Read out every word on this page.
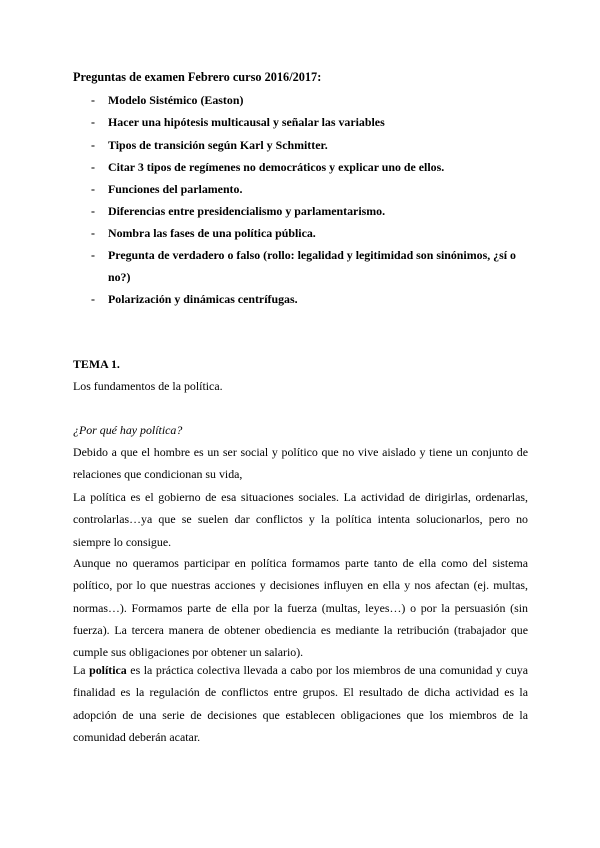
Preguntas de examen Febrero curso 2016/2017:
- Modelo Sistémico (Easton)
- Hacer una hipótesis multicausal y señalar las variables
- Tipos de transición según Karl y Schmitter.
- Citar 3 tipos de regímenes no democráticos y explicar uno de ellos.
- Funciones del parlamento.
- Diferencias entre presidencialismo y parlamentarismo.
- Nombra las fases de una política pública.
- Pregunta de verdadero o falso (rollo: legalidad y legitimidad son sinónimos, ¿sí o
no?)
- Polarización y dinámicas centrífugas.
TEMA 1.
Los fundamentos de la política.
¿Por qué hay política?
Debido a que el hombre es un ser social y político que no vive aislado y tiene un conjunto de relaciones que condicionan su vida,
La política es el gobierno de esa situaciones sociales. La actividad de dirigirlas, ordenarlas, controlarlas…ya que se suelen dar conflictos y la política intenta solucionarlos, pero no siempre lo consigue.
Aunque no queramos participar en política formamos parte tanto de ella como del sistema político, por lo que nuestras acciones y decisiones influyen en ella y nos afectan (ej. multas, normas…). Formamos parte de ella por la fuerza (multas, leyes…) o por la persuasión (sin fuerza). La tercera manera de obtener obediencia es mediante la retribución (trabajador que cumple sus obligaciones por obtener un salario).
La política es la práctica colectiva llevada a cabo por los miembros de una comunidad y cuya finalidad es la regulación de conflictos entre grupos. El resultado de dicha actividad es la adopción de una serie de decisiones que establecen obligaciones que los miembros de la comunidad deberán acatar.
